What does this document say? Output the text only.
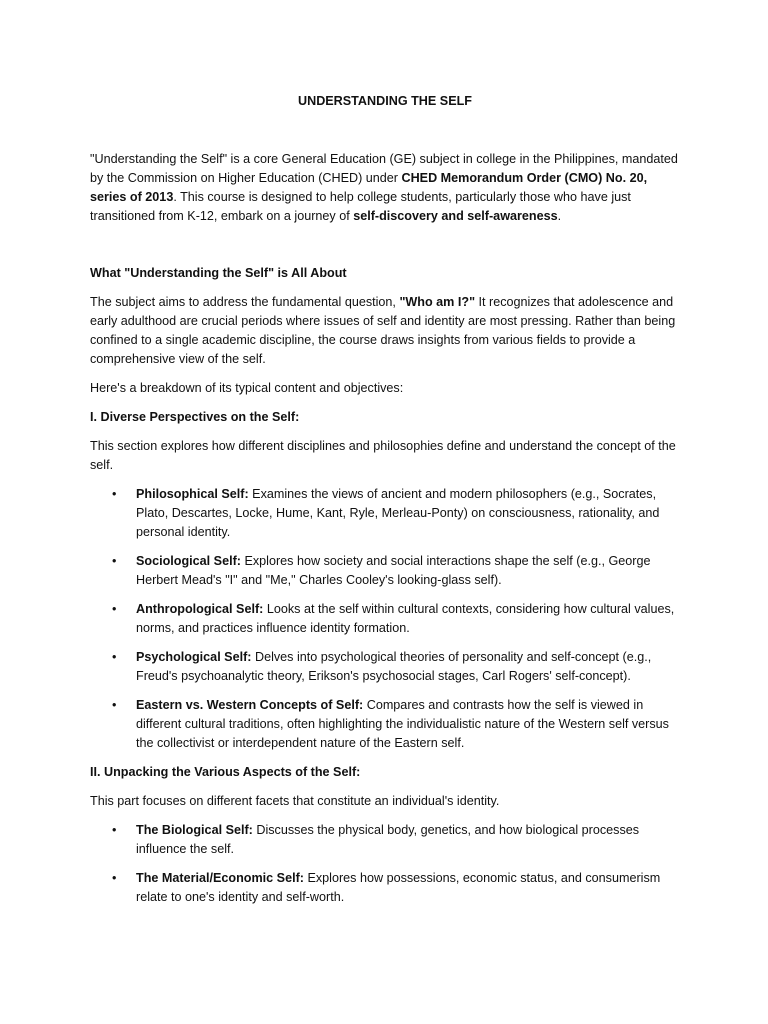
UNDERSTANDING THE SELF

"Understanding the Self" is a core General Education (GE) subject in college in the Philippines, mandated by the Commission on Higher Education (CHED) under CHED Memorandum Order (CMO) No. 20, series of 2013. This course is designed to help college students, particularly those who have just transitioned from K-12, embark on a journey of self-discovery and self-awareness.

What "Understanding the Self" is All About

The subject aims to address the fundamental question, "Who am I?" It recognizes that adolescence and early adulthood are crucial periods where issues of self and identity are most pressing. Rather than being confined to a single academic discipline, the course draws insights from various fields to provide a comprehensive view of the self.

Here's a breakdown of its typical content and objectives:

I. Diverse Perspectives on the Self:

This section explores how different disciplines and philosophies define and understand the concept of the self.

• Philosophical Self: Examines the views of ancient and modern philosophers (e.g., Socrates, Plato, Descartes, Locke, Hume, Kant, Ryle, Merleau-Ponty) on consciousness, rationality, and personal identity.
• Sociological Self: Explores how society and social interactions shape the self (e.g., George Herbert Mead's "I" and "Me," Charles Cooley's looking-glass self).
• Anthropological Self: Looks at the self within cultural contexts, considering how cultural values, norms, and practices influence identity formation.
• Psychological Self: Delves into psychological theories of personality and self-concept (e.g., Freud's psychoanalytic theory, Erikson's psychosocial stages, Carl Rogers' self-concept).
• Eastern vs. Western Concepts of Self: Compares and contrasts how the self is viewed in different cultural traditions, often highlighting the individualistic nature of the Western self versus the collectivist or interdependent nature of the Eastern self.

II. Unpacking the Various Aspects of the Self:

This part focuses on different facets that constitute an individual's identity.

• The Biological Self: Discusses the physical body, genetics, and how biological processes influence the self.
• The Material/Economic Self: Explores how possessions, economic status, and consumerism relate to one's identity and self-worth.
